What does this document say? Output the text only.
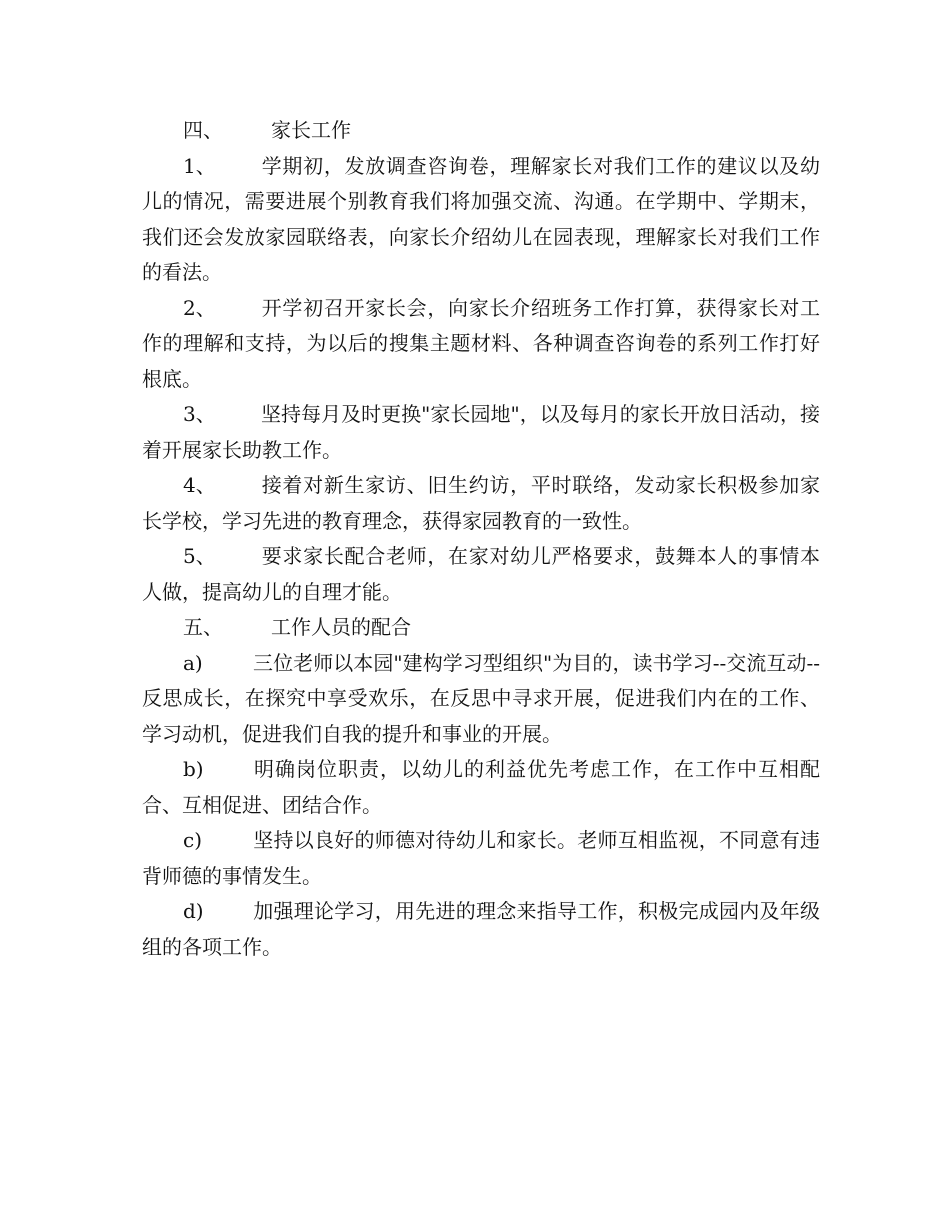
四、 家长工作

1、 学期初，发放调查咨询卷，理解家长对我们工作的建议以及幼儿的情况，需要进展个别教育我们将加强交流、沟通。在学期中、学期末，我们还会发放家园联络表，向家长介绍幼儿在园表现，理解家长对我们工作的看法。

2、 开学初召开家长会，向家长介绍班务工作打算，获得家长对工作的理解和支持，为以后的搜集主题材料、各种调查咨询卷的系列工作打好根底。

3、 坚持每月及时更换"家长园地"，以及每月的家长开放日活动，接着开展家长助教工作。

4、 接着对新生家访、旧生约访，平时联络，发动家长积极参加家长学校，学习先进的教育理念，获得家园教育的一致性。

5、 要求家长配合老师，在家对幼儿严格要求，鼓舞本人的事情本人做，提高幼儿的自理才能。

五、 工作人员的配合

a)	三位老师以本园"建构学习型组织"为目的，读书学习--交流互动--反思成长，在探究中享受欢乐，在反思中寻求开展，促进我们内在的工作、学习动机，促进我们自我的提升和事业的开展。

b) 明确岗位职责，以幼儿的利益优先考虑工作，在工作中互相配合、互相促进、团结合作。

c)	坚持以良好的师德对待幼儿和家长。老师互相监视，不同意有违背师德的事情发生。

d) 加强理论学习，用先进的理念来指导工作，积极完成园内及年级组的各项工作。
